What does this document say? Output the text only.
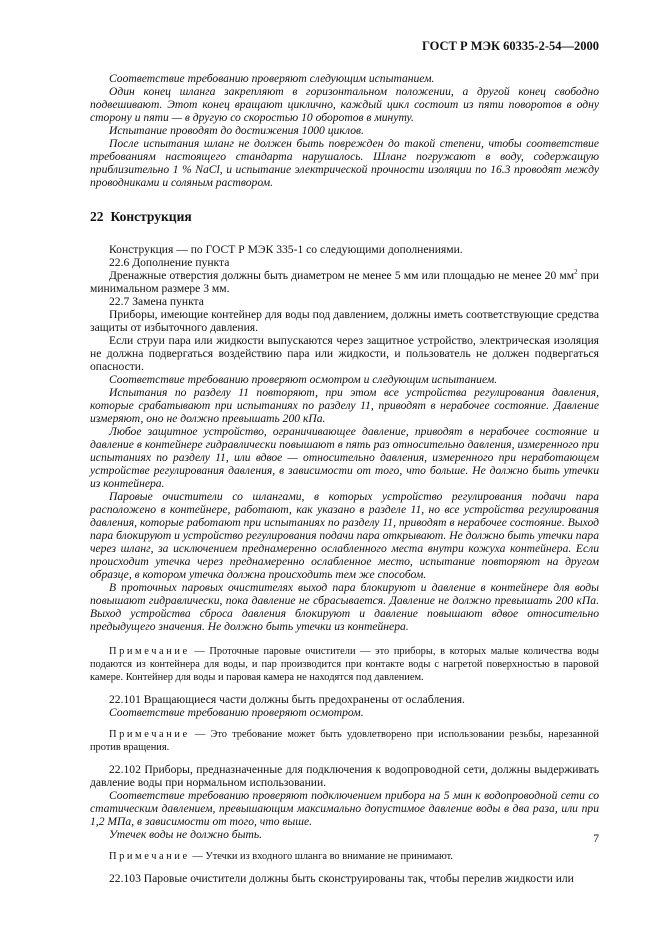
ГОСТ Р МЭК 60335-2-54—2000

Соответствие требованию проверяют следующим испытанием.

Один конец шланга закрепляют в горизонтальном положении, а другой конец свободно подвешивают. Этот конец вращают циклично, каждый цикл состоит из пяти поворотов в одну сторону и пяти — в другую со скоростью 10 оборотов в минуту.

Испытание проводят до достижения 1000 циклов.

После испытания шланг не должен быть поврежден до такой степени, чтобы соответствие требованиям настоящего стандарта нарушалось. Шланг погружают в воду, содержащую приблизительно 1 % NaCl, и испытание электрической прочности изоляции по 16.3 проводят между проводниками и соляным раствором.

22 Конструкция

Конструкция — по ГОСТ Р МЭК 335-1 со следующими дополнениями.

22.6 Дополнение пункта

Дренажные отверстия должны быть диаметром не менее 5 мм или площадью не менее 20 $мм^2$ при минимальном размере 3 мм.

22.7 Замена пункта

Приборы, имеющие контейнер для воды под давлением, должны иметь соответствующие средства защиты от избыточного давления.

Если струи пара или жидкости выпускаются через защитное устройство, электрическая изоляция не должна подвергаться воздействию пара или жидкости, и пользователь не должен подвергаться опасности.

Соответствие требованию проверяют осмотром и следующим испытанием.

Испытания по разделу 11 повторяют, при этом все устройства регулирования давления, которые срабатывают при испытаниях по разделу 11, приводят в нерабочее состояние. Давление измеряют, оно не должно превышать 200 кПа.

Любое защитное устройство, ограничивающее давление, приводят в нерабочее состояние и давление в контейнере гидравлически повышают в пять раз относительно давления, измеренного при испытаниях по разделу 11, или вдвое — относительно давления, измеренного при неработающем устройстве регулирования давления, в зависимости от того, что больше. Не должно быть утечки из контейнера.

Паровые очистители со шлангами, в которых устройство регулирования подачи пара расположено в контейнере, работают, как указано в разделе 11, но все устройства регулирования давления, которые работают при испытаниях по разделу 11, приводят в нерабочее состояние. Выход пара блокируют и устройство регулирования подачи пара открывают. Не должно быть утечки пара через шланг, за исключением преднамеренно ослабленного места внутри кожуха контейнера. Если происходит утечка через преднамеренно ослабленное место, испытание повторяют на другом образце, в котором утечка должна происходить тем же способом.

В проточных паровых очистителях выход пара блокируют и давление в контейнере для воды повышают гидравлически, пока давление не сбрасывается. Давление не должно превышать 200 кПа. Выход устройства сброса давления блокируют и давление повышают вдвое относительно предыдущего значения. Не должно быть утечки из контейнера.

Примечание — Проточные паровые очистители — это приборы, в которых малые количества воды подаются из контейнера для воды, и пар производится при контакте воды с нагретой поверхностью в паровой камере. Контейнер для воды и паровая камера не находятся под давлением.

22.101 Вращающиеся части должны быть предохранены от ослабления.

Соответствие требованию проверяют осмотром.

Примечание — Это требование может быть удовлетворено при использовании резьбы, нарезанной против вращения.

22.102 Приборы, предназначенные для подключения к водопроводной сети, должны выдерживать давление воды при нормальном использовании.

Соответствие требованию проверяют подключением прибора на 5 мин к водопроводной сети со статическим давлением, превышающим максимально допустимое давление воды в два раза, или при 1,2 МПа, в зависимости от того, что выше.

Утечек воды не должно быть.

Примечание — Утечки из входного шланга во внимание не принимают.

22.103 Паровые очистители должны быть сконструированы так, чтобы перелив жидкости или

7
